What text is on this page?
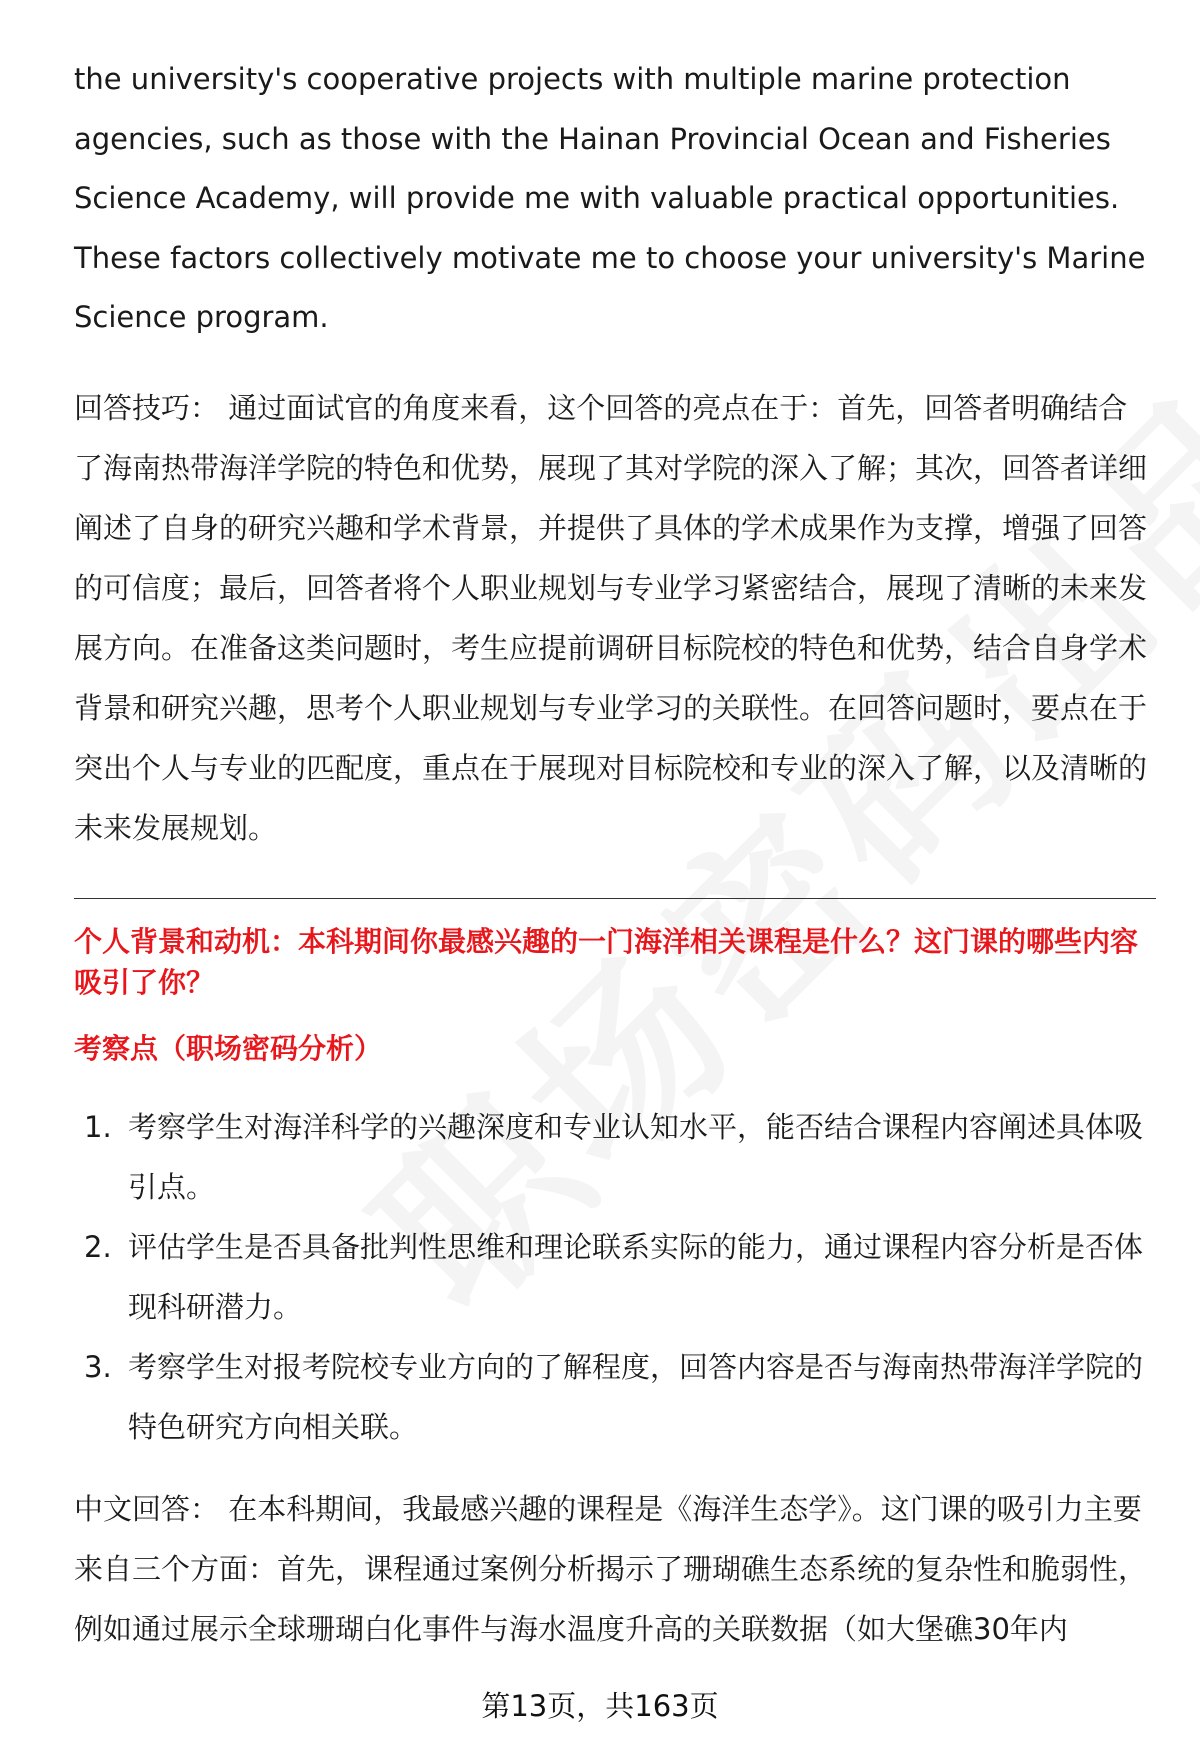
the university's cooperative projects with multiple marine protection agencies, such as those with the Hainan Provincial Ocean and Fisheries Science Academy, will provide me with valuable practical opportunities. These factors collectively motivate me to choose your university's Marine Science program.

回答技巧： 通过面试官的角度来看，这个回答的亮点在于：首先，回答者明确结合了海南热带海洋学院的特色和优势，展现了其对学院的深入了解；其次，回答者详细阐述了自身的研究兴趣和学术背景，并提供了具体的学术成果作为支撑，增强了回答的可信度；最后，回答者将个人职业规划与专业学习紧密结合，展现了清晰的未来发展方向。在准备这类问题时，考生应提前调研目标院校的特色和优势，结合自身学术背景和研究兴趣，思考个人职业规划与专业学习的关联性。在回答问题时，要点在于突出个人与专业的匹配度，重点在于展现对目标院校和专业的深入了解，以及清晰的未来发展规划。

个人背景和动机：本科期间你最感兴趣的一门海洋相关课程是什么？这门课的哪些内容吸引了你？

考察点（职场密码分析）

1. 考察学生对海洋科学的兴趣深度和专业认知水平，能否结合课程内容阐述具体吸引点。
2. 评估学生是否具备批判性思维和理论联系实际的能力，通过课程内容分析是否体现科研潜力。
3. 考察学生对报考院校专业方向的了解程度，回答内容是否与海南热带海洋学院的特色研究方向相关联。

中文回答： 在本科期间，我最感兴趣的课程是《海洋生态学》。这门课的吸引力主要来自三个方面：首先，课程通过案例分析揭示了珊瑚礁生态系统的复杂性和脆弱性，例如通过展示全球珊瑚白化事件与海水温度升高的关联数据（如大堡礁30年内

第13页，共163页
